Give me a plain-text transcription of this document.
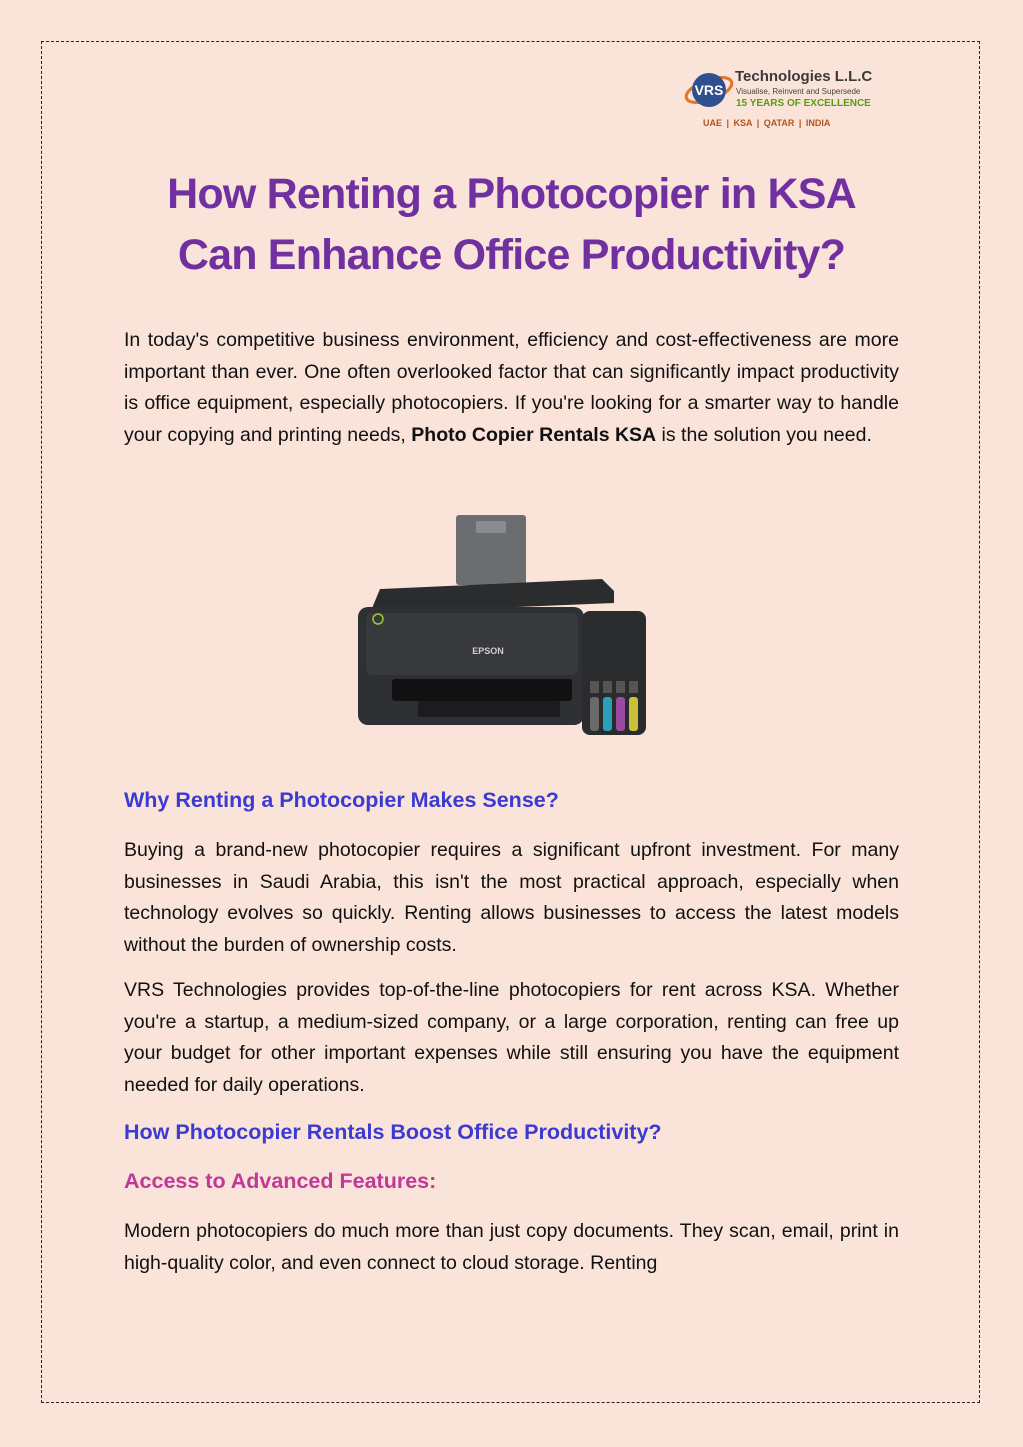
VRS
Technologies L.L.C
Visualise, Reinvent and Supersede
15 YEARS OF EXCELLENCE
UAE | KSA | QATAR | INDIA
How Renting a Photocopier in KSA
Can Enhance Office Productivity?

In today's competitive business environment, efficiency and cost-effectiveness are more important than ever. One often overlooked factor that can significantly impact productivity is office equipment, especially photocopiers. If you're looking for a smarter way to handle your copying and printing needs, Photo Copier Rentals KSA is the solution you need.

EPSON
Why Renting a Photocopier Makes Sense?

Buying a brand-new photocopier requires a significant upfront investment. For many businesses in Saudi Arabia, this isn't the most practical approach, especially when technology evolves so quickly. Renting allows businesses to access the latest models without the burden of ownership costs.

VRS Technologies provides top-of-the-line photocopiers for rent across KSA. Whether you're a startup, a medium-sized company, or a large corporation, renting can free up your budget for other important expenses while still ensuring you have the equipment needed for daily operations.

How Photocopier Rentals Boost Office Productivity?
Access to Advanced Features:

Modern photocopiers do much more than just copy documents. They scan, email, print in high-quality color, and even connect to cloud storage. Renting
